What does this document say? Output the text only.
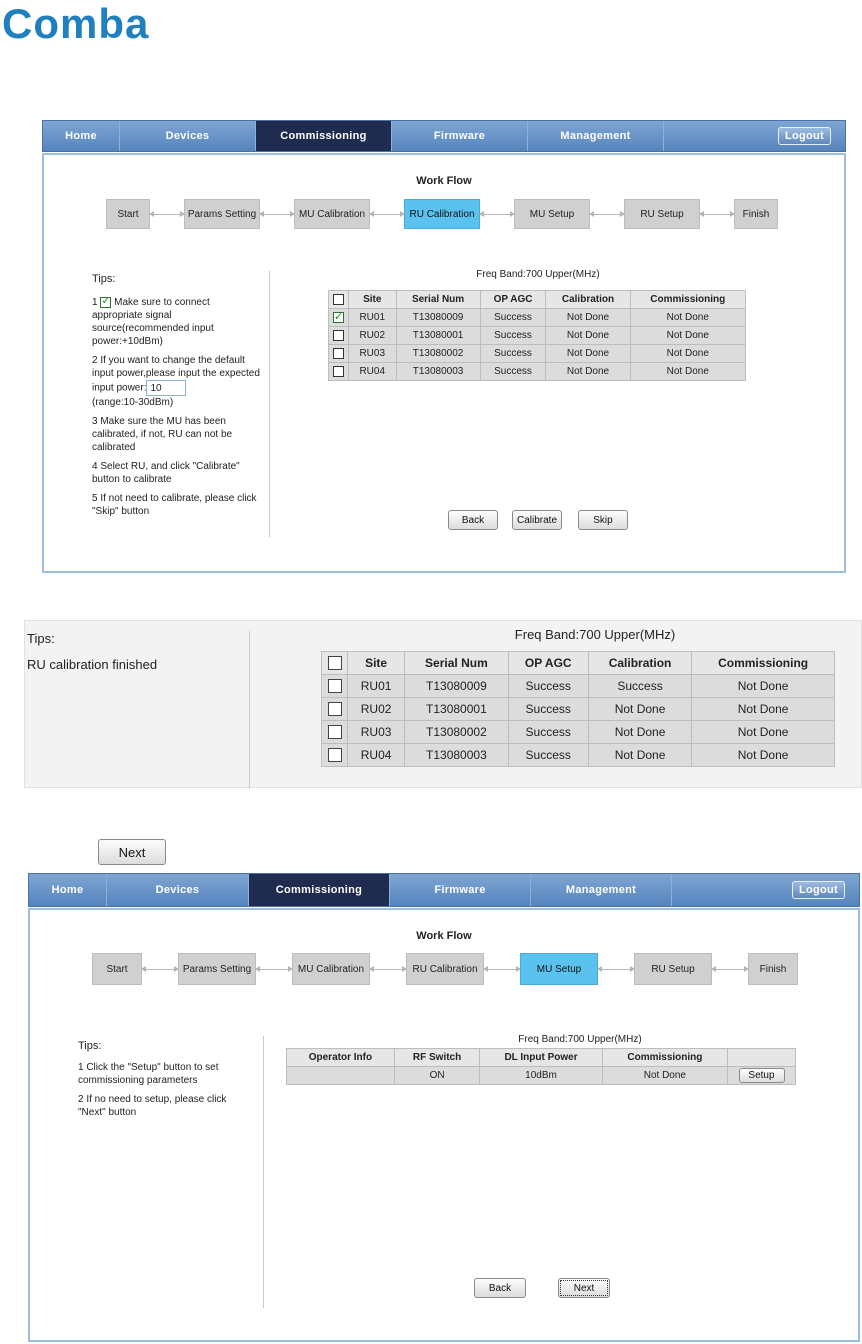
Comba
Home	Devices	Commissioning	Firmware	Management	Logout
Work Flow
Start	Params Setting	MU Calibration	RU Calibration	MU Setup	RU Setup	Finish
Tips:

1 ✓ Make sure to connect appropriate signal source(recommended input power:+10dBm)

2 If you want to change the default input power,please input the expected input power: 10
(range:10-30dBm)

3 Make sure the MU has been calibrated, if not, RU can not be calibrated

4 Select RU, and click "Calibrate" button to calibrate

5 If not need to calibrate, please click "Skip" button

Freq Band:700 Upper(MHz)
	Site	Serial Num	OP AGC	Calibration	Commissioning
✓	RU01	T13080009	Success	Not Done	Not Done
	RU02	T13080001	Success	Not Done	Not Done
	RU03	T13080002	Success	Not Done	Not Done
	RU04	T13080003	Success	Not Done	Not Done
Back	Calibrate	Skip
Tips:
RU calibration finished
Freq Band:700 Upper(MHz)
	Site	Serial Num	OP AGC	Calibration	Commissioning
	RU01	T13080009	Success	Success	Not Done
	RU02	T13080001	Success	Not Done	Not Done
	RU03	T13080002	Success	Not Done	Not Done
	RU04	T13080003	Success	Not Done	Not Done
Next
Home	Devices	Commissioning	Firmware	Management	Logout
Work Flow
Start	Params Setting	MU Calibration	RU Calibration	MU Setup	RU Setup	Finish
Tips:

1 Click the "Setup" button to set commissioning parameters

2 If no need to setup, please click "Next" button

Freq Band:700 Upper(MHz)
Operator Info	RF Switch	DL Input Power	Commissioning	
	ON	10dBm	Not Done	Setup
Back	Next
